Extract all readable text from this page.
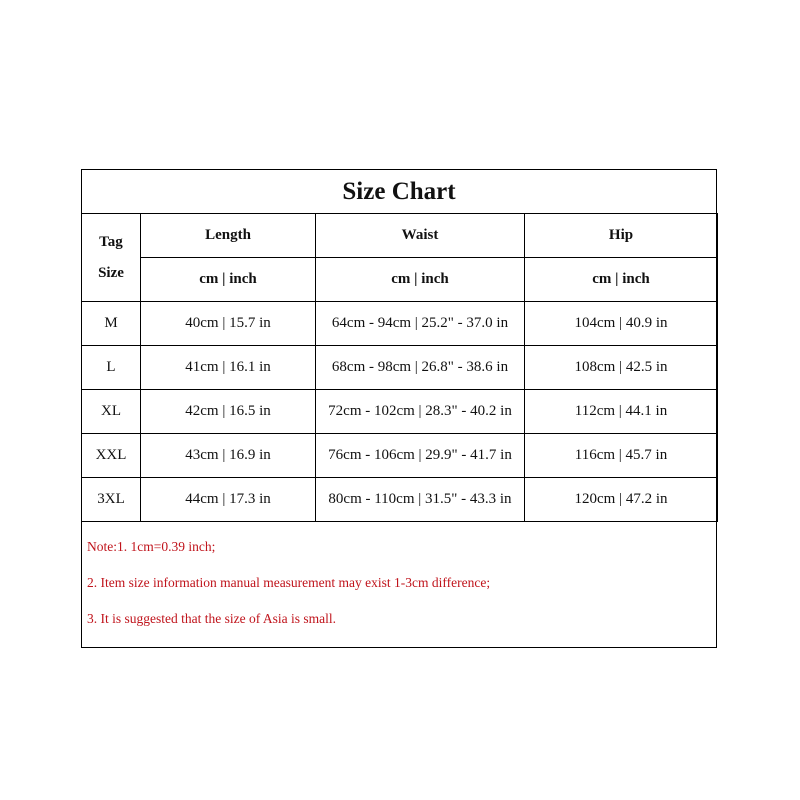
Size Chart
Tag
Size	Length	Waist	Hip
	cm | inch	cm | inch	cm | inch
M	40cm | 15.7 in	64cm - 94cm | 25.2" - 37.0 in	104cm | 40.9 in
L	41cm | 16.1 in	68cm - 98cm | 26.8" - 38.6 in	108cm | 42.5 in
XL	42cm | 16.5 in	72cm - 102cm | 28.3" - 40.2 in	112cm | 44.1 in
XXL	43cm | 16.9 in	76cm - 106cm | 29.9" - 41.7 in	116cm | 45.7 in
3XL	44cm | 17.3 in	80cm - 110cm | 31.5" - 43.3 in	120cm | 47.2 in
Note:1. 1cm=0.39 inch;
2. Item size information manual measurement may exist 1-3cm difference;
3. It is suggested that the size of Asia is small.
